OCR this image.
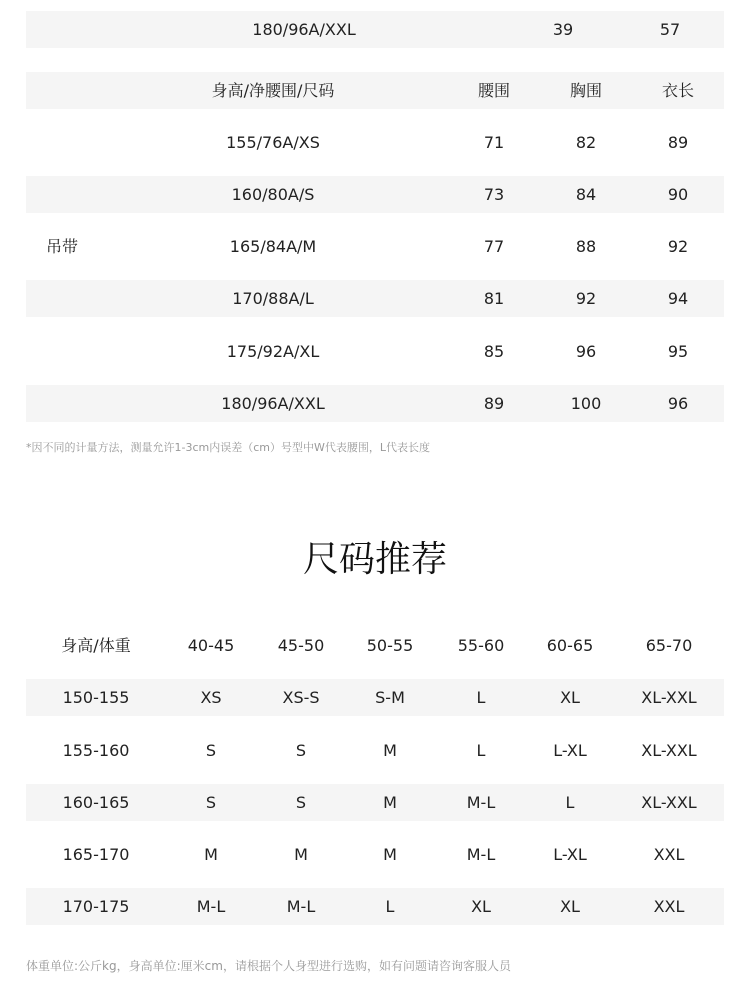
180/96A/XXL	39	57
身高/净腰围/尺码	腰围	胸围	衣长
155/76A/XS	71	82	89
160/80A/S	73	84	90
165/84A/M	77	88	92
170/88A/L	81	92	94
175/92A/XL	85	96	95
180/96A/XXL	89	100	96
吊带
*因不同的计量方法，测量允许1-3cm内误差（cm）号型中W代表腰围，L代表长度
尺码推荐
身高/体重	40-45	45-50	50-55	55-60	60-65	65-70
150-155	XS	XS-S	S-M	L	XL	XL-XXL
155-160	S	S	M	L	L-XL	XL-XXL
160-165	S	S	M	M-L	L	XL-XXL
165-170	M	M	M	M-L	L-XL	XXL
170-175	M-L	M-L	L	XL	XL	XXL
体重单位:公斤kg，身高单位:厘米cm，请根据个人身型进行选购，如有问题请咨询客服人员
